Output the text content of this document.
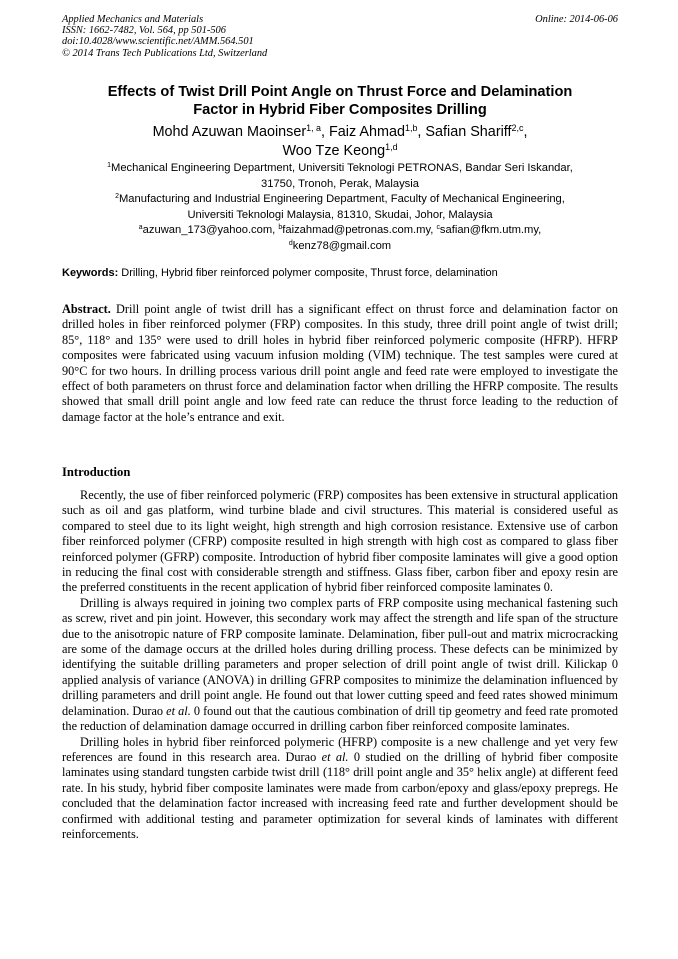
Applied Mechanics and Materials
ISSN: 1662-7482, Vol. 564, pp 501-506
doi:10.4028/www.scientific.net/AMM.564.501
© 2014 Trans Tech Publications Ltd, Switzerland
Online: 2014-06-06
Effects of Twist Drill Point Angle on Thrust Force and Delamination
Factor in Hybrid Fiber Composites Drilling
Mohd Azuwan Maoinser$^{1, a}$, Faiz Ahmad$^{1,b}$, Safian Shariff$^{2,c}$,
Woo Tze Keong$^{1,d}$
$^1$Mechanical Engineering Department, Universiti Teknologi PETRONAS, Bandar Seri Iskandar,
31750, Tronoh, Perak, Malaysia
$^2$Manufacturing and Industrial Engineering Department, Faculty of Mechanical Engineering,
Universiti Teknologi Malaysia, 81310, Skudai, Johor, Malaysia
$^a$azuwan_173@yahoo.com, $^b$faizahmad@petronas.com.my, $^c$safian@fkm.utm.my,
$^d$kenz78@gmail.com
Keywords: Drilling, Hybrid fiber reinforced polymer composite, Thrust force, delamination
Abstract. Drill point angle of twist drill has a significant effect on thrust force and delamination factor on drilled holes in fiber reinforced polymer (FRP) composites. In this study, three drill point angle of twist drill; 85°, 118° and 135° were used to drill holes in hybrid fiber reinforced polymeric composite (HFRP). HFRP composites were fabricated using vacuum infusion molding (VIM) technique. The test samples were cured at 90°C for two hours. In drilling process various drill point angle and feed rate were employed to investigate the effect of both parameters on thrust force and delamination factor when drilling the HFRP composite. The results showed that small drill point angle and low feed rate can reduce the thrust force leading to the reduction of damage factor at the hole’s entrance and exit.
Introduction

Recently, the use of fiber reinforced polymeric (FRP) composites has been extensive in structural application such as oil and gas platform, wind turbine blade and civil structures. This material is considered useful as compared to steel due to its light weight, high strength and high corrosion resistance. Extensive use of carbon fiber reinforced polymer (CFRP) composite resulted in high strength with high cost as compared to glass fiber reinforced polymer (GFRP) composite. Introduction of hybrid fiber composite laminates will give a good option in reducing the final cost with considerable strength and stiffness. Glass fiber, carbon fiber and epoxy resin are the preferred constituents in the recent application of hybrid fiber reinforced composite laminates 0.

Drilling is always required in joining two complex parts of FRP composite using mechanical fastening such as screw, rivet and pin joint. However, this secondary work may affect the strength and life span of the structure due to the anisotropic nature of FRP composite laminate. Delamination, fiber pull-out and matrix microcracking are some of the damage occurs at the drilled holes during drilling process. These defects can be minimized by identifying the suitable drilling parameters and proper selection of drill point angle of twist drill. Kilickap 0 applied analysis of variance (ANOVA) in drilling GFRP composites to minimize the delamination influenced by drilling parameters and drill point angle. He found out that lower cutting speed and feed rates showed minimum delamination. Durao et al. 0 found out that the cautious combination of drill tip geometry and feed rate promoted the reduction of delamination damage occurred in drilling carbon fiber reinforced composite laminates.

Drilling holes in hybrid fiber reinforced polymeric (HFRP) composite is a new challenge and yet very few references are found in this research area. Durao et al. 0 studied on the drilling of hybrid fiber composite laminates using standard tungsten carbide twist drill (118° drill point angle and 35° helix angle) at different feed rate. In his study, hybrid fiber composite laminates were made from carbon/epoxy and glass/epoxy prepregs. He concluded that the delamination factor increased with increasing feed rate and further development should be confirmed with additional testing and parameter optimization for several kinds of laminates with different reinforcements.
